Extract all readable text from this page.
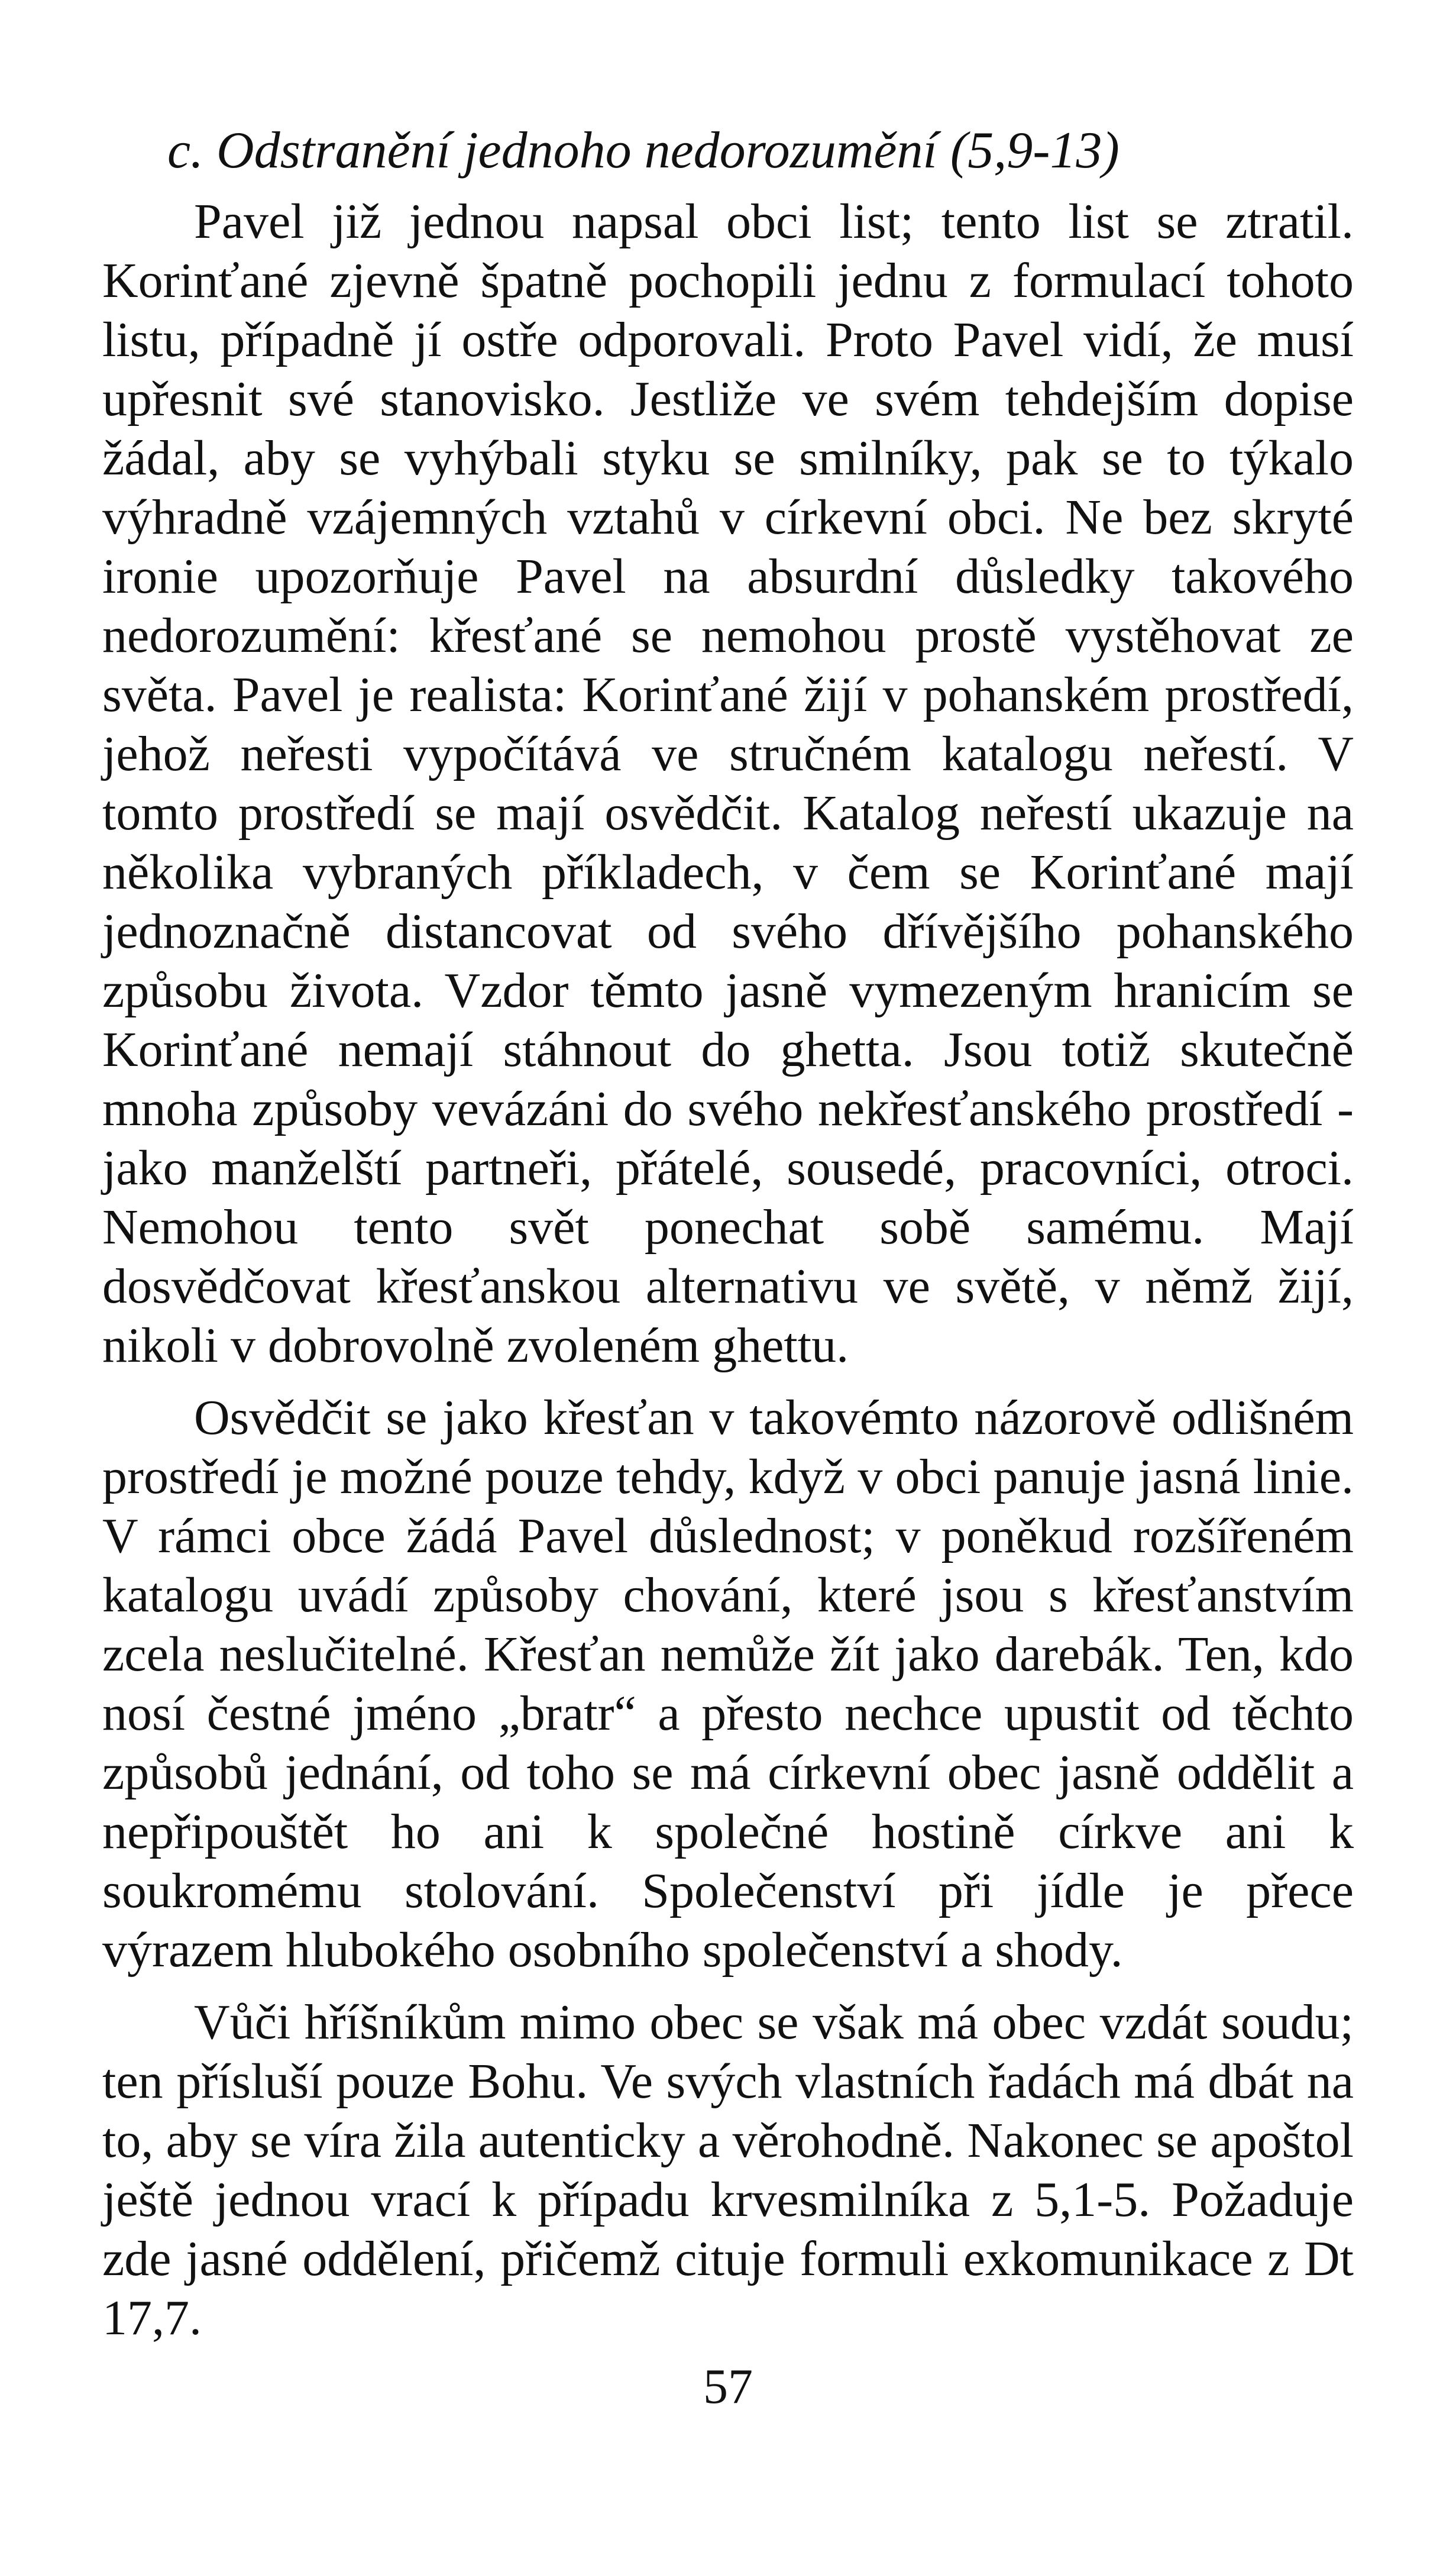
c. Odstranění jednoho nedorozumění (5,9-13)

Pavel již jednou napsal obci list; tento list se ztratil. Korinťané zjevně špatně pochopili jednu z formulací tohoto listu, případně jí ostře odporovali. Proto Pavel vidí, že musí upřesnit své stanovisko. Jestliže ve svém tehdejším dopise žádal, aby se vyhýbali styku se smilníky, pak se to týkalo výhradně vzájemných vztahů v církevní obci. Ne bez skryté ironie upozorňuje Pavel na absurdní důsledky takového nedorozumění: křesťané se nemohou prostě vystěhovat ze světa. Pavel je realista: Korinťané žijí v pohanském prostředí, jehož neřesti vypočítává ve stručném katalogu neřestí. V tomto prostředí se mají osvědčit. Katalog neřestí ukazuje na několika vybraných příkladech, v čem se Korinťané mají jednoznačně distancovat od svého dřívějšího pohanského způsobu života. Vzdor těmto jasně vymezeným hranicím se Korinťané nemají stáhnout do ghetta. Jsou totiž skutečně mnoha způsoby vevázáni do svého nekřesťanského prostředí - jako manželští partneři, přátelé, sousedé, pracovníci, otroci. Nemohou tento svět ponechat sobě samému. Mají dosvědčovat křesťanskou alternativu ve světě, v němž žijí, nikoli v dobrovolně zvoleném ghettu.

Osvědčit se jako křesťan v takovémto názorově odlišném prostředí je možné pouze tehdy, když v obci panuje jasná linie. V rámci obce žádá Pavel důslednost; v poněkud rozšířeném katalogu uvádí způsoby chování, které jsou s křesťanstvím zcela neslučitelné. Křesťan nemůže žít jako darebák. Ten, kdo nosí čestné jméno „bratr“ a přesto nechce upustit od těchto způsobů jednání, od toho se má církevní obec jasně oddělit a nepřipouštět ho ani k společné hostině církve ani k soukromému stolování. Společenství při jídle je přece výrazem hlubokého osobního společenství a shody.

Vůči hříšníkům mimo obec se však má obec vzdát soudu; ten přísluší pouze Bohu. Ve svých vlastních řadách má dbát na to, aby se víra žila autenticky a věrohodně. Nakonec se apoštol ještě jednou vrací k případu krvesmilníka z 5,1-5. Požaduje zde jasné oddělení, přičemž cituje formuli exkomunikace z Dt 17,7.

57
